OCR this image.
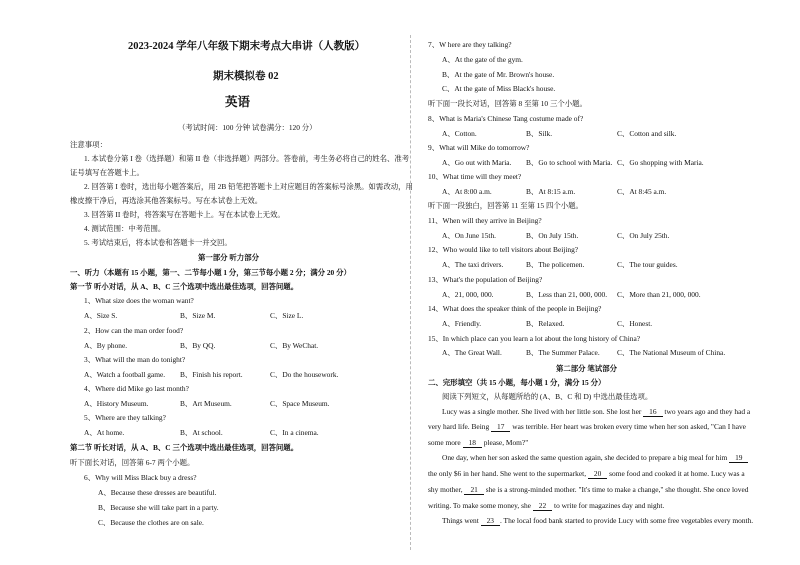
2023-2024 学年八年级下期末考点大串讲（人教版）
期末模拟卷 02
英语
（考试时间：100 分钟 试卷满分：120 分）
注意事项：
1. 本试卷分第 I 卷（选择题）和第 II 卷（非选择题）两部分。答卷前，考生务必将自己的姓名、准考
证号填写在答题卡上。
2. 回答第 I 卷时，选出每小题答案后，用 2B 铅笔把答题卡上对应题目的答案标号涂黑。如需改动，用
橡皮擦干净后，再选涂其他答案标号。写在本试卷上无效。
3. 回答第 II 卷时，将答案写在答题卡上。写在本试卷上无效。
4. 测试范围：中考范围。
5. 考试结束后，将本试卷和答题卡一并交回。
第一部分 听力部分
一、听力（本题有 15 小题，第一、二节每小题 1 分，第三节每小题 2 分；满分 20 分）
第一节 听小对话，从 A、B、C 三个选项中选出最佳选项，回答问题。
1、What size does the woman want?
A、Size S.	B、Size M.	C、Size L.
2、How can the man order food?
A、By phone.	B、By QQ.	C、By WeChat.
3、What will the man do tonight?
A、Watch a football game. B、Finish his report.	C、Do the housework.
4、Where did Mike go last month?
A、History Museum.	B、Art Museum.	C、Space Museum.
5、Where are they talking?
A、At home.	B、At school.	C、In a cinema.
第二节 听长对话，从 A、B、C 三个选项中选出最佳选项，回答问题。
听下面长对话，回答第 6-7 两个小题。
6、Why will Miss Black buy a dress?
A、Because these dresses are beautiful.
B、Because she will take part in a party.
C、Because the clothes are on sale.
7、W here are they talking?
A、At the gate of the gym.
B、At the gate of Mr. Brown's house.
C、At the gate of Miss Black's house.
听下面一段长对话，回答第 8 至第 10 三个小题。
8、What is Maria's Chinese Tang costume made of?
A、Cotton.	B、Silk.	C、Cotton and silk.
9、What will Mike do tomorrow?
A、Go out with Maria. B、Go to school with Maria. C、Go shopping with Maria.
10、What time will they meet?
A、At 8:00 a.m.	B、At 8:15 a.m.	C、At 8:45 a.m.
听下面一段独白，回答第 11 至第 15 四个小题。
11、When will they arrive in Beijing?
A、On June 15th.	B、On July 15th.	C、On July 25th.
12、Who would like to tell visitors about Beijing?
A、The taxi drivers.	B、The policemen.	C、The tour guides.
13、What's the population of Beijing?
A、21, 000, 000.	B、Less than 21, 000, 000. C、More than 21, 000, 000.
14、What does the speaker think of the people in Beijing?
A、Friendly.	B、Relaxed.	C、Honest.
15、In which place can you learn a lot about the long history of China?
A、The Great Wall.	B、The Summer Palace. C、The National Museum of China.
第二部分 笔试部分
二、完形填空（共 15 小题，每小题 1 分，满分 15 分）
阅读下列短文，从每题所给的 (A、B、C 和 D) 中选出最佳选项。
Lucy was a single mother. She lived with her little son. She lost her 16 two years ago and they had a
very hard life. Being 17 was terrible. Her heart was broken every time when her son asked, "Can I have
some more 18 please, Mom?"
One day, when her son asked the same question again, she decided to prepare a big meal for him 19
the only $6 in her hand. She went to the supermarket, 20 some food and cooked it at home. Lucy was a
shy mother, 21 she is a strong-minded mother. "It's time to make a change," she thought. She once loved
writing. To make some money, she 22 to write for magazines day and night.
Things went 23 . The local food bank started to provide Lucy with some free vegetables every month.
